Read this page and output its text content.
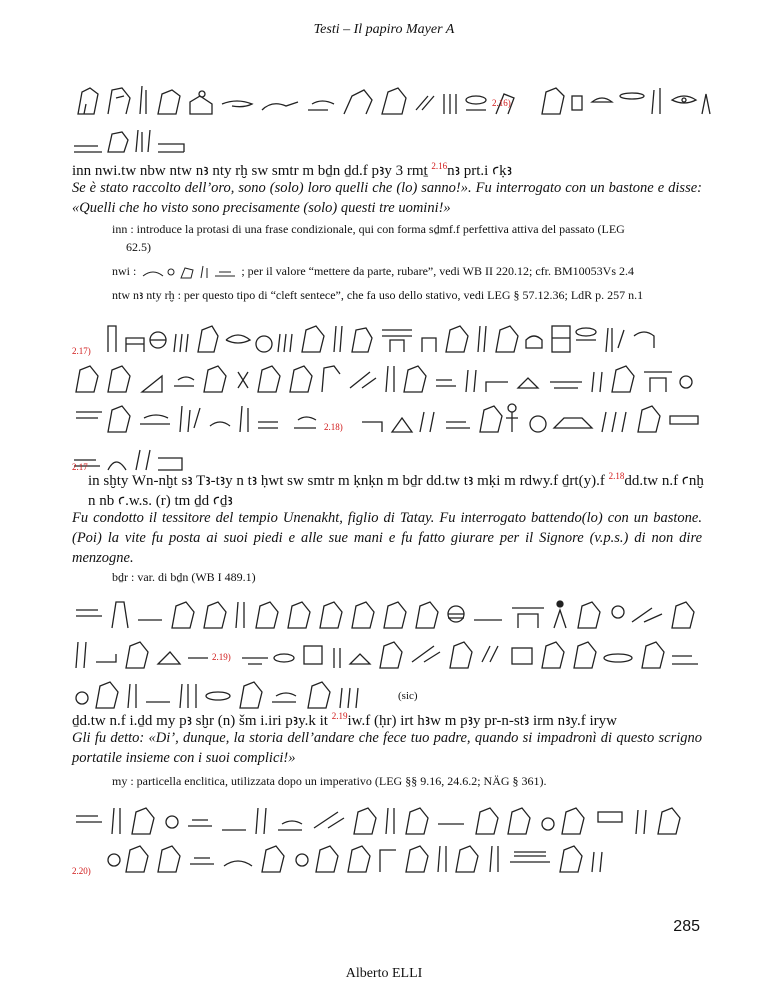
Testi – Il papiro Mayer A
2.16)
inn nwi.tw nbw ntw nꜣ nty rḫ sw smtr m bḏn ḏd.f pꜣy 3 rmṯ $^{2.16}$nꜣ prt.i ꜥḳꜣ
Se è stato raccolto dell’oro, sono (solo) loro quelli che (lo) sanno!». Fu interrogato con un bastone e disse: «Quelli che ho visto sono precisamente (solo) questi tre uomini!»
inn : introduce la protasi di una frase condizionale, qui con forma sḏmf.f perfettiva attiva del passato (LEG
62.5)
nwi :	; per il valore “mettere da parte, rubare”, vedi WB II 220.12; cfr. BM10053Vs 2.4
ntw nꜣ nty rḫ : per questo tipo di “cleft sentece”, che fa uso dello stativo, vedi LEG § 57.12.36; LdR p. 257 n.1
2.17)
2.18)
2.17
in sḫty Wn-nḫt sꜣ Tꜣ-tꜣy n tꜣ ḥwt sw smtr m ḳnḳn m bḏr dd.tw tꜣ mḳi m rdwy.f ḏrt(y).f $^{2.18}$dd.tw n.f ꜥnḫ n nb ꜥ.w.s. (r) tm ḏd ꜥḏꜣ
Fu condotto il tessitore del tempio Unenakht, figlio di Tatay. Fu interrogato battendo(lo) con un bastone. (Poi) la vite fu posta ai suoi piedi e alle sue mani e fu fatto giurare per il Signore (v.p.s.) di non dire menzogne.
bḏr : var. di bḏn (WB I 489.1)
2.19)
(sic)
ḏd.tw n.f i.ḏd my pꜣ sḫr (n) šm i.iri pꜣy.k it $^{2.19}$iw.f (ḥr) irt hꜣw m pꜣy pr-n-stꜣ irm nꜣy.f iryw
Gli fu detto: «Di’, dunque, la storia dell’andare che fece tuo padre, quando si impadronì di questo scrigno portatile insieme con i suoi complici!»
my : particella enclitica, utilizzata dopo un imperativo (LEG §§ 9.16, 24.6.2; NÄG § 361).
2.20)
285
Alberto ELLI
